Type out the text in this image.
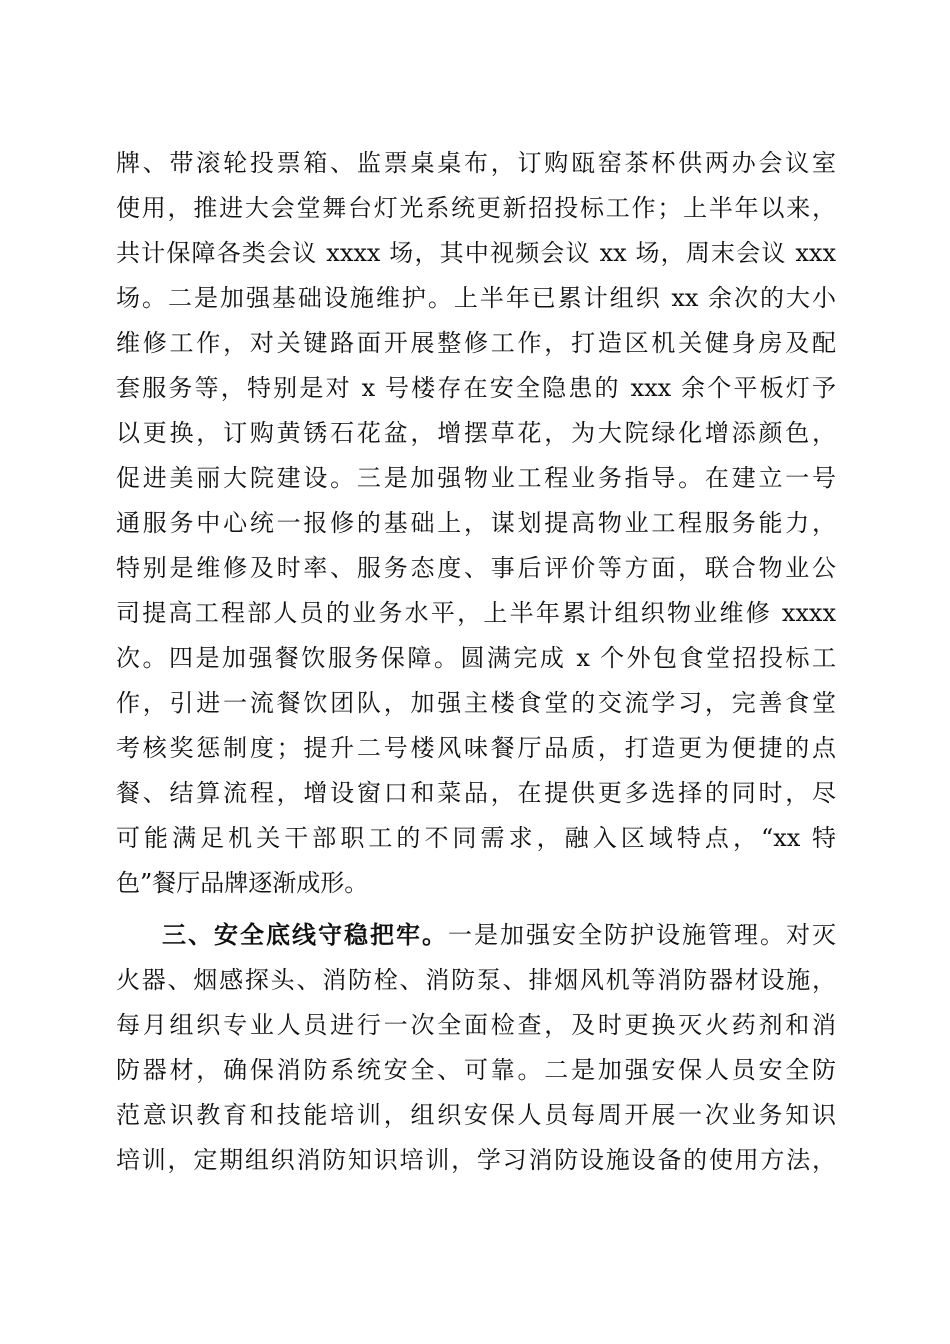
牌、带滚轮投票箱、监票桌桌布，订购瓯窑茶杯供两办会议室
使用，推进大会堂舞台灯光系统更新招投标工作；上半年以来，
共计保障各类会议 xxxx 场，其中视频会议 xx 场，周末会议 xxx
场。二是加强基础设施维护。上半年已累计组织 xx 余次的大小
维修工作，对关键路面开展整修工作，打造区机关健身房及配
套服务等，特别是对 x 号楼存在安全隐患的 xxx 余个平板灯予
以更换，订购黄锈石花盆，增摆草花，为大院绿化增添颜色，
促进美丽大院建设。三是加强物业工程业务指导。在建立一号
通服务中心统一报修的基础上，谋划提高物业工程服务能力，
特别是维修及时率、服务态度、事后评价等方面，联合物业公
司提高工程部人员的业务水平，上半年累计组织物业维修 xxxx
次。四是加强餐饮服务保障。圆满完成 x 个外包食堂招投标工
作，引进一流餐饮团队，加强主楼食堂的交流学习，完善食堂
考核奖惩制度；提升二号楼风味餐厅品质，打造更为便捷的点
餐、结算流程，增设窗口和菜品，在提供更多选择的同时，尽
可能满足机关干部职工的不同需求，融入区域特点，“xx 特
色”餐厅品牌逐渐成形。
三、安全底线守稳把牢。一是加强安全防护设施管理。对灭
火器、烟感探头、消防栓、消防泵、排烟风机等消防器材设施，
每月组织专业人员进行一次全面检查，及时更换灭火药剂和消
防器材，确保消防系统安全、可靠。二是加强安保人员安全防
范意识教育和技能培训，组织安保人员每周开展一次业务知识
培训，定期组织消防知识培训，学习消防设施设备的使用方法，
